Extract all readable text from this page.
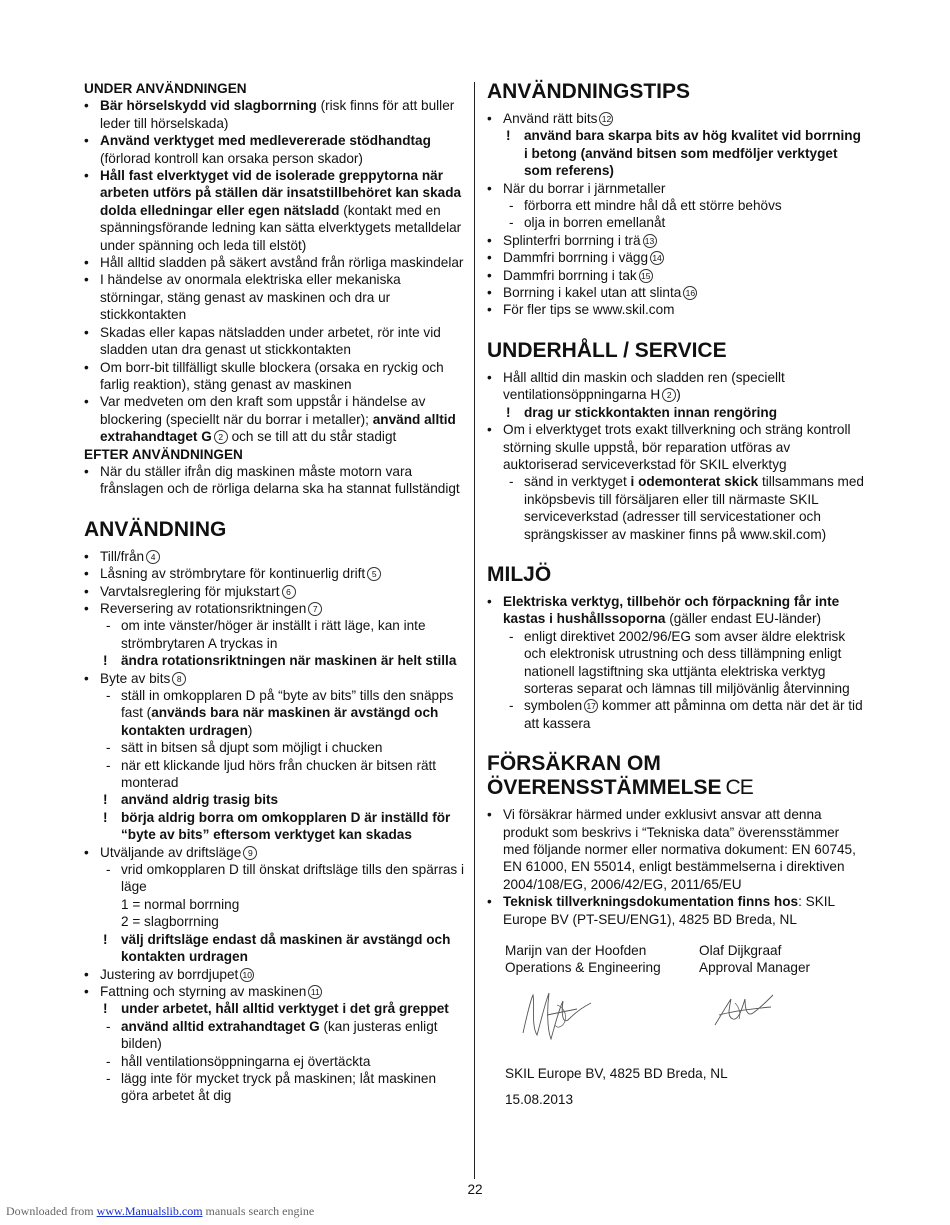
UNDER ANVÄNDNINGEN

• Bär hörselskydd vid slagborrning (risk finns för att buller leder till hörselskada)
• Använd verktyget med medlevererade stödhandtag (förlorad kontroll kan orsaka person skador)
• Håll fast elverktyget vid de isolerade greppytorna när arbeten utförs på ställen där insatstillbehöret kan skada dolda elledningar eller egen nätsladd (kontakt med en spänningsförande ledning kan sätta elverktygets metalldelar under spänning och leda till elstöt)
• Håll alltid sladden på säkert avstånd från rörliga maskindelar
• I händelse av onormala elektriska eller mekaniska störningar, stäng genast av maskinen och dra ur stickkontakten
• Skadas eller kapas nätsladden under arbetet, rör inte vid sladden utan dra genast ut stickkontakten
• Om borr-bit tillfälligt skulle blockera (orsaka en ryckig och farlig reaktion), stäng genast av maskinen
• Var medveten om den kraft som uppstår i händelse av blockering (speciellt när du borrar i metaller); använd alltid extrahandtaget G 2 och se till att du står stadigt

EFTER ANVÄNDNINGEN

• När du ställer ifrån dig maskinen måste motorn vara frånslagen och de rörliga delarna ska ha stannat fullständigt
ANVÄNDNING
• Till/från 4
• Låsning av strömbrytare för kontinuerlig drift 5
• Varvtalsreglering för mjukstart 6
• Reversering av rotationsriktningen 7
- om inte vänster/höger är inställt i rätt läge, kan inte strömbrytaren A tryckas in
! ändra rotationsriktningen när maskinen är helt stilla
• Byte av bits 8
- ställ in omkopplaren D på “byte av bits” tills den snäpps fast (används bara när maskinen är avstängd och kontakten urdragen)
- sätt in bitsen så djupt som möjligt i chucken
- när ett klickande ljud hörs från chucken är bitsen rätt monterad
! använd aldrig trasig bits
! börja aldrig borra om omkopplaren D är inställd för “byte av bits” eftersom verktyget kan skadas
• Utväljande av driftsläge 9
- vrid omkopplaren D till önskat driftsläge tills den spärras i läge
1 = normal borrning
2 = slagborrning
! välj driftsläge endast då maskinen är avstängd och kontakten urdragen
• Justering av borrdjupet 10
• Fattning och styrning av maskinen 11
! under arbetet, håll alltid verktyget i det grå greppet
- använd alltid extrahandtaget G (kan justeras enligt bilden)
- håll ventilationsöppningarna ej övertäckta
- lägg inte för mycket tryck på maskinen; låt maskinen göra arbetet åt dig
ANVÄNDNINGSTIPS
• Använd rätt bits 12
! använd bara skarpa bits av hög kvalitet vid borrning i betong (använd bitsen som medföljer verktyget som referens)
• När du borrar i järnmetaller
- förborra ett mindre hål då ett större behövs
- olja in borren emellanåt
• Splinterfri borrning i trä 13
• Dammfri borrning i vägg 14
• Dammfri borrning i tak 15
• Borrning i kakel utan att slinta 16
• För fler tips se www.skil.com
UNDERHÅLL / SERVICE
• Håll alltid din maskin och sladden ren (speciellt ventilationsöppningarna H 2 )
! drag ur stickkontakten innan rengöring
• Om i elverktyget trots exakt tillverkning och sträng kontroll störning skulle uppstå, bör reparation utföras av auktoriserad serviceverkstad för SKIL elverktyg
- sänd in verktyget i odemonterat skick tillsammans med inköpsbevis till försäljaren eller till närmaste SKIL serviceverkstad (adresser till servicestationer och sprängskisser av maskiner finns på www.skil.com)
MILJÖ
• Elektriska verktyg, tillbehör och förpackning får inte kastas i hushållssoporna (gäller endast EU-länder)
- enligt direktivet 2002/96/EG som avser äldre elektrisk och elektronisk utrustning och dess tillämpning enligt nationell lagstiftning ska uttjänta elektriska verktyg sorteras separat och lämnas till miljövänlig återvinning
- symbolen 17 kommer att påminna om detta när det är tid att kassera
FÖRSÄKRAN OM
ÖVERENSSTÄMMELSE CE
• Vi försäkrar härmed under exklusivt ansvar att denna produkt som beskrivs i “Tekniska data” överensstämmer med följande normer eller normativa dokument: EN 60745, EN 61000, EN 55014, enligt bestämmelserna i direktiven 2004/108/EG, 2006/42/EG, 2011/65/EU
• Teknisk tillverkningsdokumentation finns hos: SKIL Europe BV (PT-SEU/ENG1), 4825 BD Breda, NL
Marijn van der Hoofden
Operations & Engineering
Olaf Dijkgraaf
Approval Manager
SKIL Europe BV, 4825 BD Breda, NL
15.08.2013
22
Downloaded from www.Manualslib.com manuals search engine
